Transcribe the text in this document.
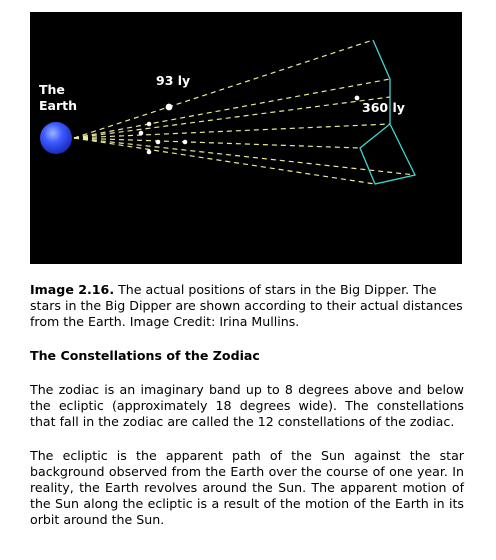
The
Earth
93 ly
360 ly

Image 2.16. The actual positions of stars in the Big Dipper. The stars in the Big Dipper are shown according to their actual distances from the Earth. Image Credit: Irina Mullins.

The Constellations of the Zodiac

The zodiac is an imaginary band up to 8 degrees above and below the ecliptic (approximately 18 degrees wide). The constellations that fall in the zodiac are called the 12 constellations of the zodiac.

The ecliptic is the apparent path of the Sun against the star background observed from the Earth over the course of one year. In reality, the Earth revolves around the Sun. The apparent motion of the Sun along the ecliptic is a result of the motion of the Earth in its orbit around the Sun.
